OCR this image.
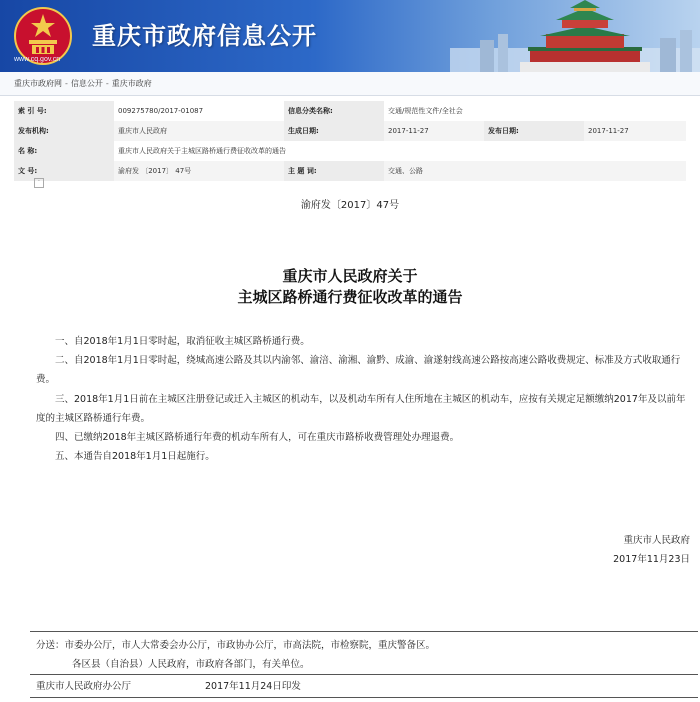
www.cq.gov.cn
重庆市政府信息公开
重庆市政府网 - 信息公开 - 重庆市政府
索 引 号:	009275780/2017-01087	信息分类名称:	交通/规范性文件/全社会		
发布机构:	重庆市人民政府	生成日期:	2017-11-27	发布日期:	2017-11-27
名 称:	重庆市人民政府关于主城区路桥通行费征收改革的通告				
文 号:	渝府发 〔2017〕 47号	主 题 词:	交通、公路		
·
渝府发〔2017〕47号
重庆市人民政府关于
主城区路桥通行费征收改革的通告

一、自2018年1月1日零时起，取消征收主城区路桥通行费。

二、自2018年1月1日零时起，绕城高速公路及其以内渝邻、渝涪、渝湘、渝黔、成渝、渝遂射线高速公路按高速公路收费规定、标准及方式收取通行费。

三、2018年1月1日前在主城区注册登记或迁入主城区的机动车，以及机动车所有人住所地在主城区的机动车，应按有关规定足额缴纳2017年及以前年度的主城区路桥通行年费。

四、已缴纳2018年主城区路桥通行年费的机动车所有人，可在重庆市路桥收费管理处办理退费。

五、本通告自2018年1月1日起施行。

重庆市人民政府
2017年11月23日
分送：市委办公厅，市人大常委会办公厅，市政协办公厅，市高法院，市检察院，重庆警备区。
各区县（自治县）人民政府，市政府各部门，有关单位。
重庆市人民政府办公厅	2017年11月24日印发
